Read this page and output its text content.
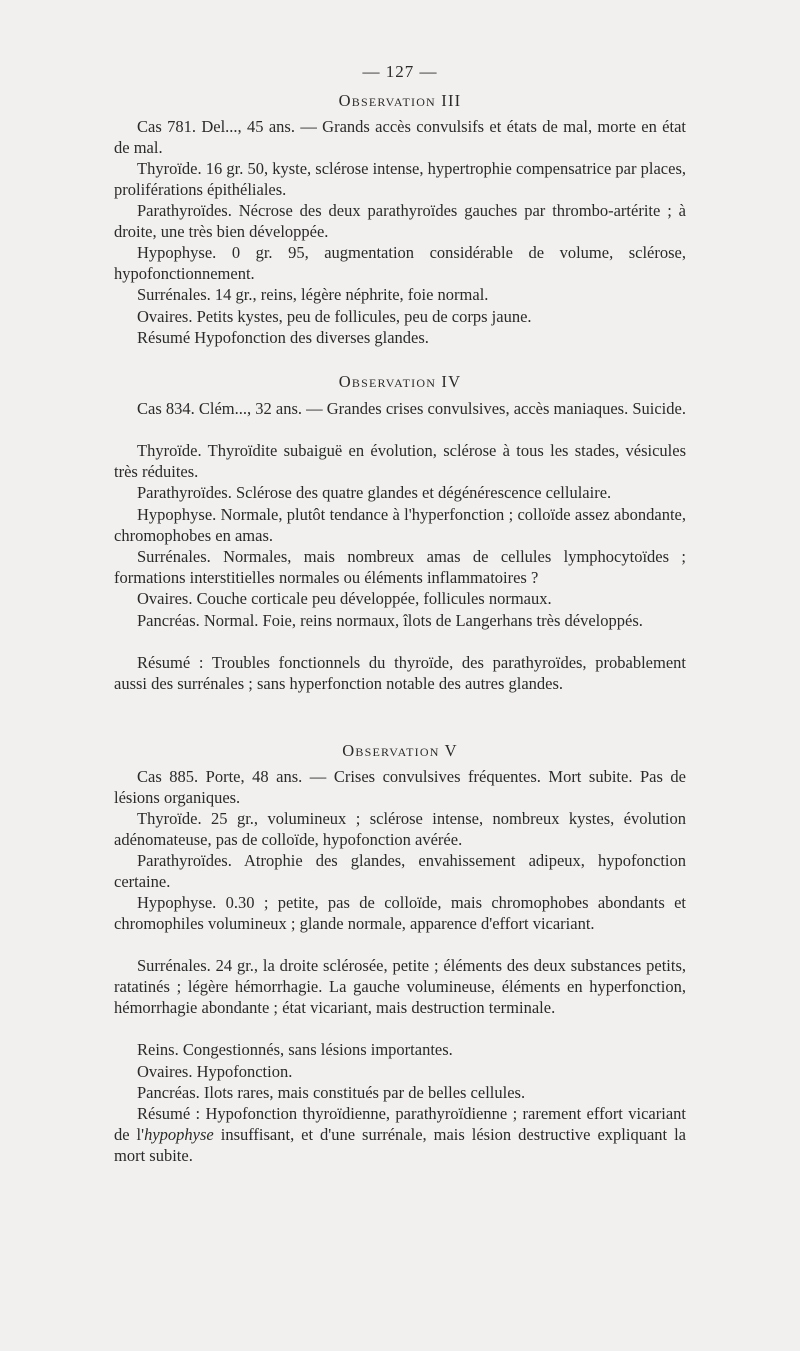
— 127 —
Observation III

Cas 781. Del..., 45 ans. — Grands accès convulsifs et états de mal, morte en état de mal.

Thyroïde. 16 gr. 50, kyste, sclérose intense, hypertrophie compensatrice par places, proliférations épithéliales.

Parathyroïdes. Nécrose des deux parathyroïdes gauches par thrombo-artérite ; à droite, une très bien développée.

Hypophyse. 0 gr. 95, augmentation considérable de volume, sclérose, hypofonctionnement.

Surrénales. 14 gr., reins, légère néphrite, foie normal.

Ovaires. Petits kystes, peu de follicules, peu de corps jaune.

Résumé Hypofonction des diverses glandes.

Observation IV

Cas 834. Clém..., 32 ans. — Grandes crises convulsives, accès maniaques. Suicide.

Thyroïde. Thyroïdite subaiguë en évolution, sclérose à tous les stades, vésicules très réduites.

Parathyroïdes. Sclérose des quatre glandes et dégénérescence cellulaire.

Hypophyse. Normale, plutôt tendance à l'hyperfonction ; colloïde assez abondante, chromophobes en amas.

Surrénales. Normales, mais nombreux amas de cellules lymphocytoïdes ; formations interstitielles normales ou éléments inflammatoires ?

Ovaires. Couche corticale peu développée, follicules normaux.

Pancréas. Normal. Foie, reins normaux, îlots de Langerhans très développés.

Résumé : Troubles fonctionnels du thyroïde, des parathyroïdes, probablement aussi des surrénales ; sans hyperfonction notable des autres glandes.

Observation V

Cas 885. Porte, 48 ans. — Crises convulsives fréquentes. Mort subite. Pas de lésions organiques.

Thyroïde. 25 gr., volumineux ; sclérose intense, nombreux kystes, évolution adénomateuse, pas de colloïde, hypofonction avérée.

Parathyroïdes. Atrophie des glandes, envahissement adipeux, hypofonction certaine.

Hypophyse. 0.30 ; petite, pas de colloïde, mais chromophobes abondants et chromophiles volumineux ; glande normale, apparence d'effort vicariant.

Surrénales. 24 gr., la droite sclérosée, petite ; éléments des deux substances petits, ratatinés ; légère hémorrhagie. La gauche volumineuse, éléments en hyperfonction, hémorrhagie abondante ; état vicariant, mais destruction terminale.

Reins. Congestionnés, sans lésions importantes.

Ovaires. Hypofonction.

Pancréas. Ilots rares, mais constitués par de belles cellules.

Résumé : Hypofonction thyroïdienne, parathyroïdienne ; rarement effort vicariant de l'hypophyse insuffisant, et d'une surrénale, mais lésion destructive expliquant la mort subite.
